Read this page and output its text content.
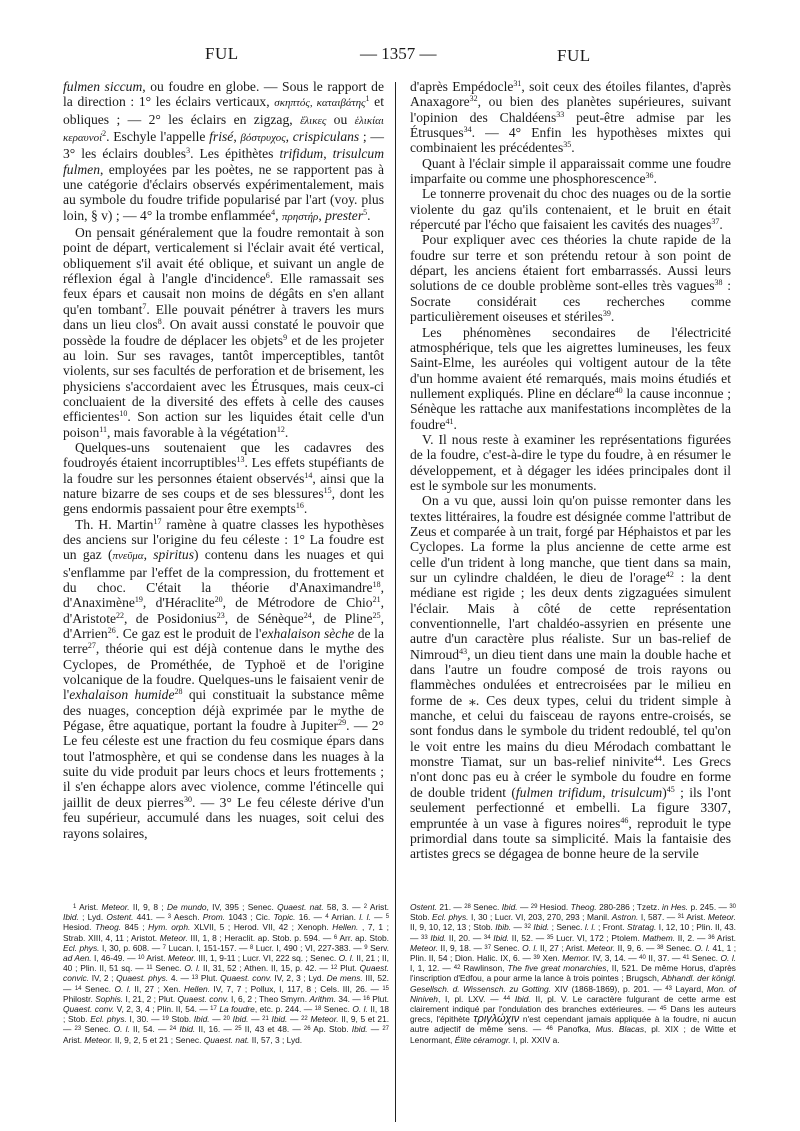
FUL	— 1357 —	FUL

fulmen siccum, ou foudre en globe. — Sous le rapport de la direction : 1° les éclairs verticaux, σκηπτός, καταιβάτης$^1$ et obliques ; — 2° les éclairs en zigzag, ἕλικες ou ἑλικίαι κεραυνοί$^2$. Eschyle l'appelle frisé, βόστρυχος, crispiculans ; — 3° les éclairs doubles$^3$. Les épithètes trifidum, trisulcum fulmen, employées par les poètes, ne se rapportent pas à une catégorie d'éclairs observés expérimentalement, mais au symbole du foudre trifide popularisé par l'art (voy. plus loin, § v) ; — 4° la trombe enflammée$^4$, πρηστήρ, prester$^5$.

On pensait généralement que la foudre remontait à son point de départ, verticalement si l'éclair avait été vertical, obliquement s'il avait été oblique, et suivant un angle de réflexion égal à l'angle d'incidence$^6$. Elle ramassait ses feux épars et causait non moins de dégâts en s'en allant qu'en tombant$^7$. Elle pouvait pénétrer à travers les murs dans un lieu clos$^8$. On avait aussi constaté le pouvoir que possède la foudre de déplacer les objets$^9$ et de les projeter au loin. Sur ses ravages, tantôt imperceptibles, tantôt violents, sur ses facultés de perforation et de brisement, les physiciens s'accordaient avec les Étrusques, mais ceux-ci concluaient de la diversité des effets à celle des causes efficientes$^{10}$. Son action sur les liquides était celle d'un poison$^{11}$, mais favorable à la végétation$^{12}$.

Quelques-uns soutenaient que les cadavres des foudroyés étaient incorruptibles$^{13}$. Les effets stupéfiants de la foudre sur les personnes étaient observés$^{14}$, ainsi que la nature bizarre de ses coups et de ses blessures$^{15}$, dont les gens endormis passaient pour être exempts$^{16}$.

Th. H. Martin$^{17}$ ramène à quatre classes les hypothèses des anciens sur l'origine du feu céleste : 1° La foudre est un gaz (πνεῦμα, spiritus) contenu dans les nuages et qui s'enflamme par l'effet de la compression, du frottement et du choc. C'était la théorie d'Anaximandre$^{18}$, d'Anaximène$^{19}$, d'Héraclite$^{20}$, de Métrodore de Chio$^{21}$, d'Aristote$^{22}$, de Posidonius$^{23}$, de Sénèque$^{24}$, de Pline$^{25}$, d'Arrien$^{26}$. Ce gaz est le produit de l'exhalaison sèche de la terre$^{27}$, théorie qui est déjà contenue dans le mythe des Cyclopes, de Prométhée, de Typhoë et de l'origine volcanique de la foudre. Quelques-uns le faisaient venir de l'exhalaison humide$^{28}$ qui constituait la substance même des nuages, conception déjà exprimée par le mythe de Pégase, être aquatique, portant la foudre à Jupiter$^{29}$. — 2° Le feu céleste est une fraction du feu cosmique épars dans tout l'atmosphère, et qui se condense dans les nuages à la suite du vide produit par leurs chocs et leurs frottements ; il s'en échappe alors avec violence, comme l'étincelle qui jaillit de deux pierres$^{30}$. — 3° Le feu céleste dérive d'un feu supérieur, accumulé dans les nuages, soit celui des rayons solaires,

d'après Empédocle$^{31}$, soit ceux des étoiles filantes, d'après Anaxagore$^{32}$, ou bien des planètes supérieures, suivant l'opinion des Chaldéens$^{33}$ peut-être admise par les Étrusques$^{34}$. — 4° Enfin les hypothèses mixtes qui combinaient les précédentes$^{35}$.

Quant à l'éclair simple il apparaissait comme une foudre imparfaite ou comme une phosphorescence$^{36}$.

Le tonnerre provenait du choc des nuages ou de la sortie violente du gaz qu'ils contenaient, et le bruit en était répercuté par l'écho que faisaient les cavités des nuages$^{37}$.

Pour expliquer avec ces théories la chute rapide de la foudre sur terre et son prétendu retour à son point de départ, les anciens étaient fort embarrassés. Aussi leurs solutions de ce double problème sont-elles très vagues$^{38}$ : Socrate considérait ces recherches comme particulièrement oiseuses et stériles$^{39}$.

Les phénomènes secondaires de l'électricité atmosphérique, tels que les aigrettes lumineuses, les feux Saint-Elme, les auréoles qui voltigent autour de la tête d'un homme avaient été remarqués, mais moins étudiés et nullement expliqués. Pline en déclare$^{40}$ la cause inconnue ; Sénèque les rattache aux manifestations incomplètes de la foudre$^{41}$.

V. Il nous reste à examiner les représentations figurées de la foudre, c'est-à-dire le type du foudre, à en résumer le développement, et à dégager les idées principales dont il est le symbole sur les monuments.

On a vu que, aussi loin qu'on puisse remonter dans les textes littéraires, la foudre est désignée comme l'attribut de Zeus et comparée à un trait, forgé par Héphaistos et par les Cyclopes. La forme la plus ancienne de cette arme est celle d'un trident à long manche, que tient dans sa main, sur un cylindre chaldéen, le dieu de l'orage$^{42}$ : la dent médiane est rigide ; les deux dents zigzaguées simulent l'éclair. Mais à côté de cette représentation conventionnelle, l'art chaldéo-assyrien en présente une autre d'un caractère plus réaliste. Sur un bas-relief de Nimroud$^{43}$, un dieu tient dans une main la double hache et dans l'autre un foudre composé de trois rayons ou flammèches ondulées et entrecroisées par le milieu en forme de ⁎. Ces deux types, celui du trident simple à manche, et celui du faisceau de rayons entre-croisés, se sont fondus dans le symbole du trident redoublé, tel qu'on le voit entre les mains du dieu Mérodach combattant le monstre Tiamat, sur un bas-relief ninivite$^{44}$. Les Grecs n'ont donc pas eu à créer le symbole du foudre en forme de double trident (fulmen trifidum, trisulcum)$^{45}$ ; ils l'ont seulement perfectionné et embelli. La figure 3307, empruntée à un vase à figures noires$^{46}$, reproduit le type primordial dans toute sa simplicité. Mais la fantaisie des artistes grecs se dégagea de bonne heure de la servile

$^1$ Arist. Meteor. II, 9, 8 ; De mundo, IV, 395 ; Senec. Quaest. nat. 58, 3. — $^2$ Arist. Ibid. ; Lyd. Ostent. 441. — $^3$ Aesch. Prom. 1043 ; Cic. Topic. 16. — $^4$ Arrian. l. l. — $^5$ Hesiod. Theog. 845 ; Hym. orph. XLVII, 5 ; Herod. VII, 42 ; Xenoph. Hellen. , 7, 1 ; Strab. XIII, 4, 11 ; Aristot. Meteor. III, 1, 8 ; Heraclit. ap. Stob. p. 594. — $^6$ Arr. ap. Stob. Ecl. phys. I, 30, p. 608. — $^7$ Lucan. I, 151-157. — $^8$ Lucr. I, 490 ; VI, 227-383. — $^9$ Serv. ad Aen. I, 46-49. — $^{10}$ Arist. Meteor. III, 1, 9-11 ; Lucr. VI, 222 sq. ; Senec. O. l. II, 21 ; II, 40 ; Plin. II, 51 sq. — $^{11}$ Senec. O. l. II, 31, 52 ; Athen. II, 15, p. 42. — $^{12}$ Plut. Quaest. convic. IV, 2 ; Quaest. phys. 4. — $^{13}$ Plut. Quaest. conv. IV, 2, 3 ; Lyd. De mens. III, 52. — $^{14}$ Senec. O. l. II, 27 ; Xen. Hellen. IV, 7, 7 ; Pollux, I, 117, 8 ; Cels. III, 26. — $^{15}$ Philostr. Sophis. I, 21, 2 ; Plut. Quaest. conv. I, 6, 2 ; Theo Smyrn. Arithm. 34. — $^{16}$ Plut. Quaest. conv. V, 2, 3, 4 ; Plin. II, 54. — $^{17}$ La foudre, etc. p. 244. — $^{18}$ Senec. O. l. II, 18 ; Stob. Ecl. phys. I, 30. — $^{19}$ Stob. Ibid. — $^{20}$ Ibid. — $^{21}$ Ibid. — $^{22}$ Meteor. II, 9, 5 et 21. — $^{23}$ Senec. O. l. II, 54. — $^{24}$ Ibid. II, 16. — $^{25}$ II, 43 et 48. — $^{26}$ Ap. Stob. Ibid. — $^{27}$ Arist. Meteor. II, 9, 2, 5 et 21 ; Senec. Quaest. nat. II, 57, 3 ; Lyd.
Ostent. 21. — $^{28}$ Senec. Ibid. — $^{29}$ Hesiod. Theog. 280-286 ; Tzetz. in Hes. p. 245. — $^{30}$ Stob. Ecl. phys. I, 30 ; Lucr. VI, 203, 270, 293 ; Manil. Astron. I, 587. — $^{31}$ Arist. Meteor. II, 9, 10, 12, 13 ; Stob. Ibib. — $^{32}$ Ibid. ; Senec. l. l. ; Front. Stratag. I, 12, 10 ; Plin. II, 43. — $^{33}$ Ibid. II, 20. — $^{34}$ Ibid. II, 52. — $^{35}$ Lucr. VI, 172 ; Ptolem. Mathem. II, 2. — $^{36}$ Arist. Meteor. II, 9, 18. — $^{37}$ Senec. O. l. II, 27 ; Arist. Meteor. II, 9, 6. — $^{38}$ Senec. O. l. 41, 1 ; Plin. II, 54 ; Dion. Halic. IX, 6. — $^{39}$ Xen. Memor. IV, 3, 14. — $^{40}$ II, 37. — $^{41}$ Senec. O. l. I, 1, 12. — $^{42}$ Rawlinson, The five great monarchies, II, 521. De même Horus, d'après l'inscription d'Edfou, a pour arme la lance à trois pointes ; Brugsch, Abhandl. der königl. Gesellsch. d. Wissensch. zu Gotting. XIV (1868-1869), p. 201. — $^{43}$ Layard, Mon. of Niniveh, I, pl. LXV. — $^{44}$ Ibid. II, pl. V. Le caractère fulgurant de cette arme est clairement indiqué par l'ondulation des branches extérieures. — $^{45}$ Dans les auteurs grecs, l'épithète τριγλώχιν n'est cependant jamais appliquée à la foudre, ni aucun autre adjectif de même sens. — $^{46}$ Panofka, Mus. Blacas, pl. XIX ; de Witte et Lenormant, Élite céramogr. I, pl. XXIV a.
